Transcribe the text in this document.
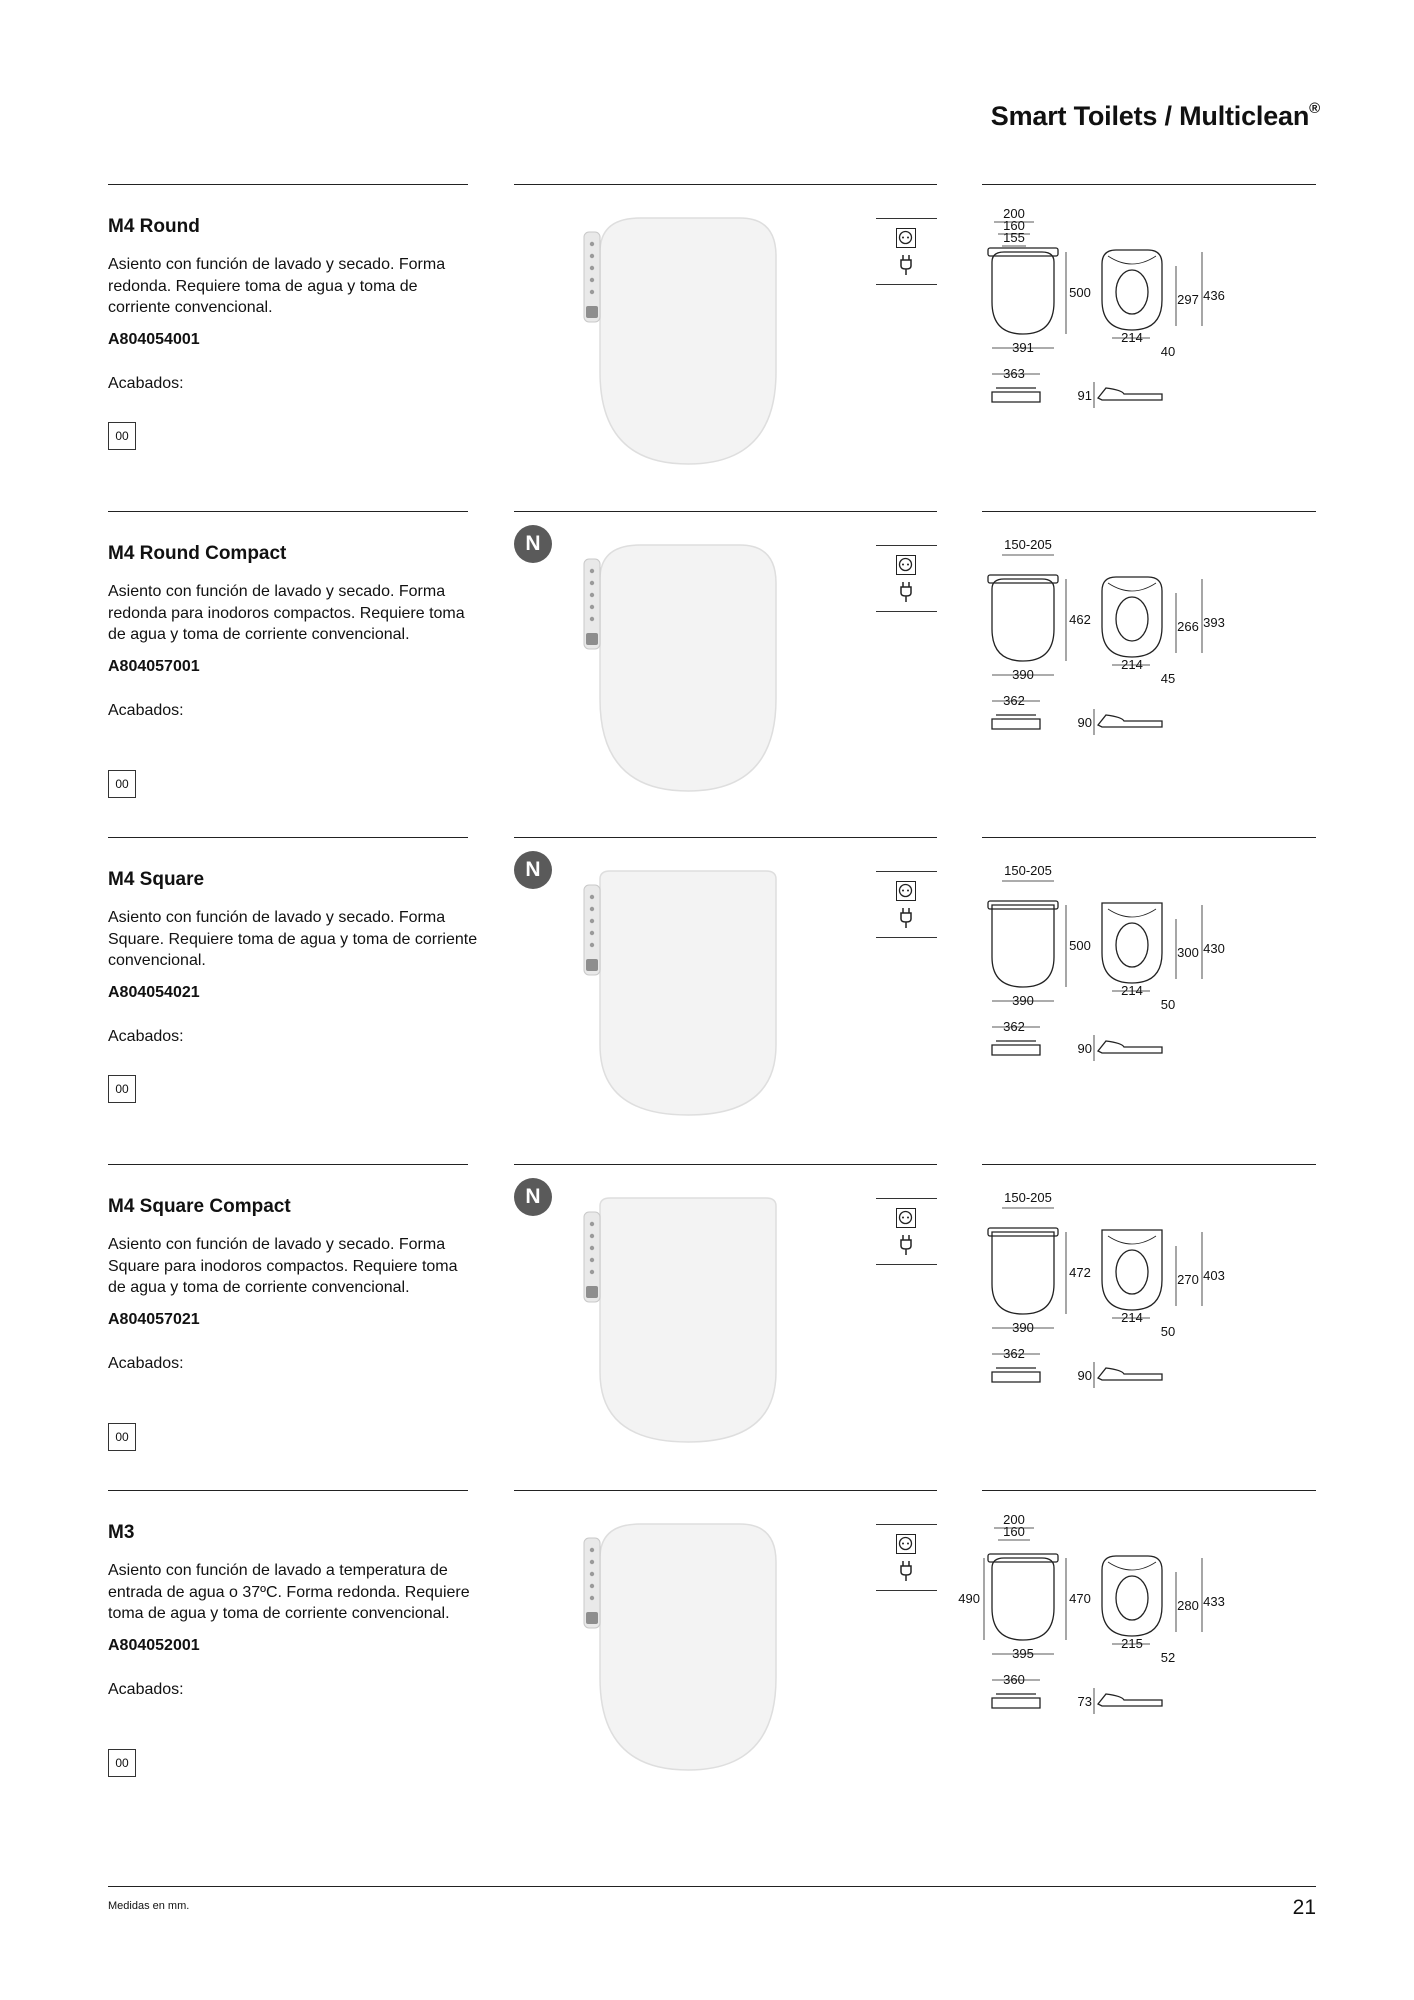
Smart Toilets / Multiclean®
M4 Round

Asiento con función de lavado y secado. Forma redonda. Requiere toma de agua y toma de corriente convencional.

A804054001
Acabados:
00
200
160
155
500
391
297 436
214
40
363
91
M4 Round Compact

Asiento con función de lavado y secado. Forma redonda para inodoros compactos. Requiere toma de agua y toma de corriente convencional.

A804057001
Acabados:
00
N	150-205
462
390
266 393
214
45
362
90
M4 Square

Asiento con función de lavado y secado. Forma Square. Requiere toma de agua y toma de corriente convencional.

A804054021
Acabados:
00
N	150-205
500
390
300 430
214
50
362
90
M4 Square Compact

Asiento con función de lavado y secado. Forma Square para inodoros compactos. Requiere toma de agua y toma de corriente convencional.

A804057021
Acabados:
00
N	150-205
472
390
270 403
214
50
362
90
M3

Asiento con función de lavado a temperatura de entrada de agua o 37ºC. Forma redonda. Requiere toma de agua y toma de corriente convencional.

A804052001
Acabados:
00
200
160
470
490
395
280 433
215
52
360
73
Medidas en mm.	21
